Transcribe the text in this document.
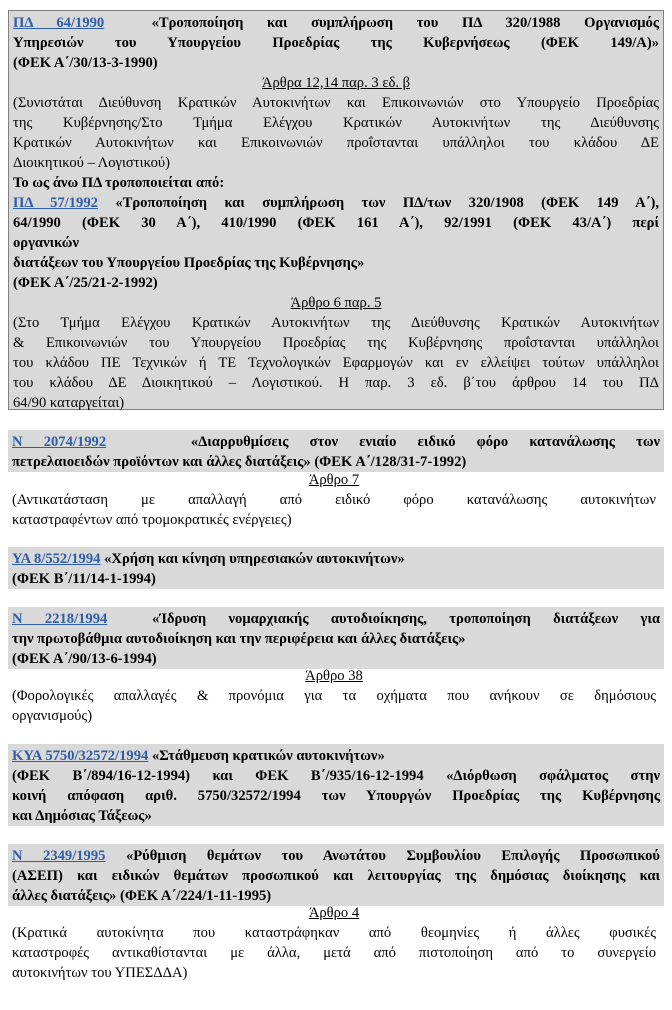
ΠΔ 64/1990	«Τροποποίηση και συμπλήρωση του ΠΔ 320/1988 Οργανισμός
Υπηρεσιών του Υπουργείου Προεδρίας της Κυβερνήσεως (ΦΕΚ 149/Α)»
(ΦΕΚ Α΄/30/13-3-1990)
Άρθρα 12,14 παρ. 3 εδ. β
(Συνιστάται Διεύθυνση Κρατικών Αυτοκινήτων και Επικοινωνιών στο Υπουργείο Προεδρίας
της Κυβέρνησης/Στο Τμήμα Ελέγχου Κρατικών Αυτοκινήτων της Διεύθυνσης
Κρατικών Αυτοκινήτων και Επικοινωνιών προΐστανται υπάλληλοι του κλάδου ΔΕ
Διοικητικού – Λογιστικού)
Το ως άνω ΠΔ τροποποιείται από:
ΠΔ 57/1992 «Τροποποίηση και συμπλήρωση των ΠΔ/των 320/1908 (ΦΕΚ 149 Α΄),
64/1990 (ΦΕΚ 30 Α΄), 410/1990 (ΦΕΚ 161 Α΄), 92/1991 (ΦΕΚ 43/Α΄) περί
οργανικών
διατάξεων του Υπουργείου Προεδρίας της Κυβέρνησης»
(ΦΕΚ Α΄/25/21-2-1992)
Άρθρο 6 παρ. 5
(Στο Τμήμα Ελέγχου Κρατικών Αυτοκινήτων της Διεύθυνσης Κρατικών Αυτοκινήτων
& Επικοινωνιών του Υπουργείου Προεδρίας της Κυβέρνησης προΐστανται υπάλληλοι
του κλάδου ΠΕ Τεχνικών ή ΤΕ Τεχνολογικών Εφαρμογών και εν ελλείψει τούτων υπάλληλοι
του κλάδου ΔΕ Διοικητικού – Λογιστικού. Η παρ. 3 εδ. β΄του άρθρου 14 του ΠΔ
64/90 καταργείται)
Ν 2074/1992	«Διαρρυθμίσεις στον ενιαίο ειδικό φόρο κατανάλωσης των
πετρελαιοειδών προϊόντων και άλλες διατάξεις» (ΦΕΚ Α΄/128/31-7-1992)
Άρθρο 7
(Αντικατάσταση με απαλλαγή από ειδικό φόρο κατανάλωσης αυτοκινήτων
καταστραφέντων από τρομοκρατικές ενέργειες)
ΥΑ 8/552/1994 «Χρήση και κίνηση υπηρεσιακών αυτοκινήτων»
(ΦΕΚ Β΄/11/14-1-1994)
Ν 2218/1994	«Ίδρυση νομαρχιακής αυτοδιοίκησης, τροποποίηση διατάξεων για
την πρωτοβάθμια αυτοδιοίκηση και την περιφέρεια και άλλες διατάξεις»
(ΦΕΚ Α΄/90/13-6-1994)
Άρθρο 38
(Φορολογικές απαλλαγές & προνόμια για τα οχήματα που ανήκουν σε δημόσιους
οργανισμούς)
ΚΥΑ 5750/32572/1994 «Στάθμευση κρατικών αυτοκινήτων»
(ΦΕΚ Β΄/894/16-12-1994) και ΦΕΚ Β΄/935/16-12-1994 «Διόρθωση σφάλματος στην
κοινή απόφαση αριθ. 5750/32572/1994 των Υπουργών Προεδρίας της Κυβέρνησης
και Δημόσιας Τάξεως»
Ν 2349/1995 «Ρύθμιση θεμάτων του Ανωτάτου Συμβουλίου Επιλογής Προσωπικού
(ΑΣΕΠ) και ειδικών θεμάτων προσωπικού και λειτουργίας της δημόσιας διοίκησης και
άλλες διατάξεις» (ΦΕΚ Α΄/224/1-11-1995)
Άρθρο 4
(Κρατικά αυτοκίνητα που καταστράφηκαν από θεομηνίες ή άλλες φυσικές
καταστροφές αντικαθίστανται με άλλα, μετά από πιστοποίηση από το συνεργείο
αυτοκινήτων του ΥΠΕΣΔΔΑ)
